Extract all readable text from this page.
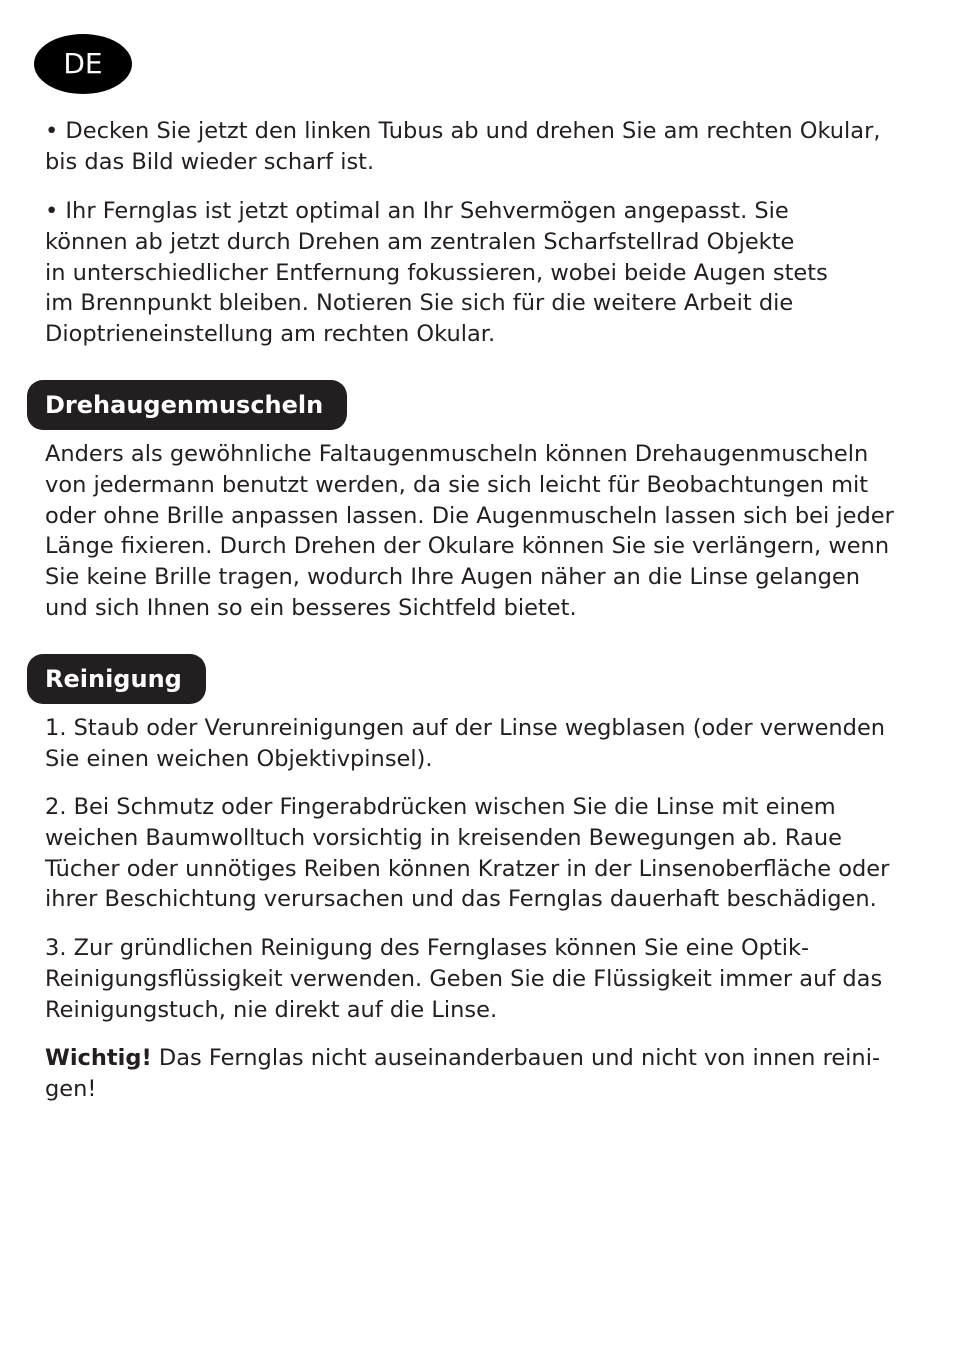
DE

• Decken Sie jetzt den linken Tubus ab und drehen Sie am rechten Okular,
bis das Bild wieder scharf ist.

• Ihr Fernglas ist jetzt optimal an Ihr Sehvermögen angepasst. Sie
können ab jetzt durch Drehen am zentralen Scharfstellrad Objekte
in unterschiedlicher Entfernung fokussieren, wobei beide Augen stets
im Brennpunkt bleiben. Notieren Sie sich für die weitere Arbeit die
Dioptrieneinstellung am rechten Okular.

Drehaugenmuscheln

Anders als gewöhnliche Faltaugenmuscheln können Drehaugenmuscheln
von jedermann benutzt werden, da sie sich leicht für Beobachtungen mit
oder ohne Brille anpassen lassen. Die Augenmuscheln lassen sich bei jeder
Länge fixieren. Durch Drehen der Okulare können Sie sie verlängern, wenn
Sie keine Brille tragen, wodurch Ihre Augen näher an die Linse gelangen
und sich Ihnen so ein besseres Sichtfeld bietet.

Reinigung

1. Staub oder Verunreinigungen auf der Linse wegblasen (oder verwenden
Sie einen weichen Objektivpinsel).

2. Bei Schmutz oder Fingerabdrücken wischen Sie die Linse mit einem
weichen Baumwolltuch vorsichtig in kreisenden Bewegungen ab. Raue
Tücher oder unnötiges Reiben können Kratzer in der Linsenoberfläche oder
ihrer Beschichtung verursachen und das Fernglas dauerhaft beschädigen.

3. Zur gründlichen Reinigung des Fernglases können Sie eine Optik-
Reinigungsflüssigkeit verwenden. Geben Sie die Flüssigkeit immer auf das
Reinigungstuch, nie direkt auf die Linse.

Wichtig! Das Fernglas nicht auseinanderbauen und nicht von innen reini-
gen!
